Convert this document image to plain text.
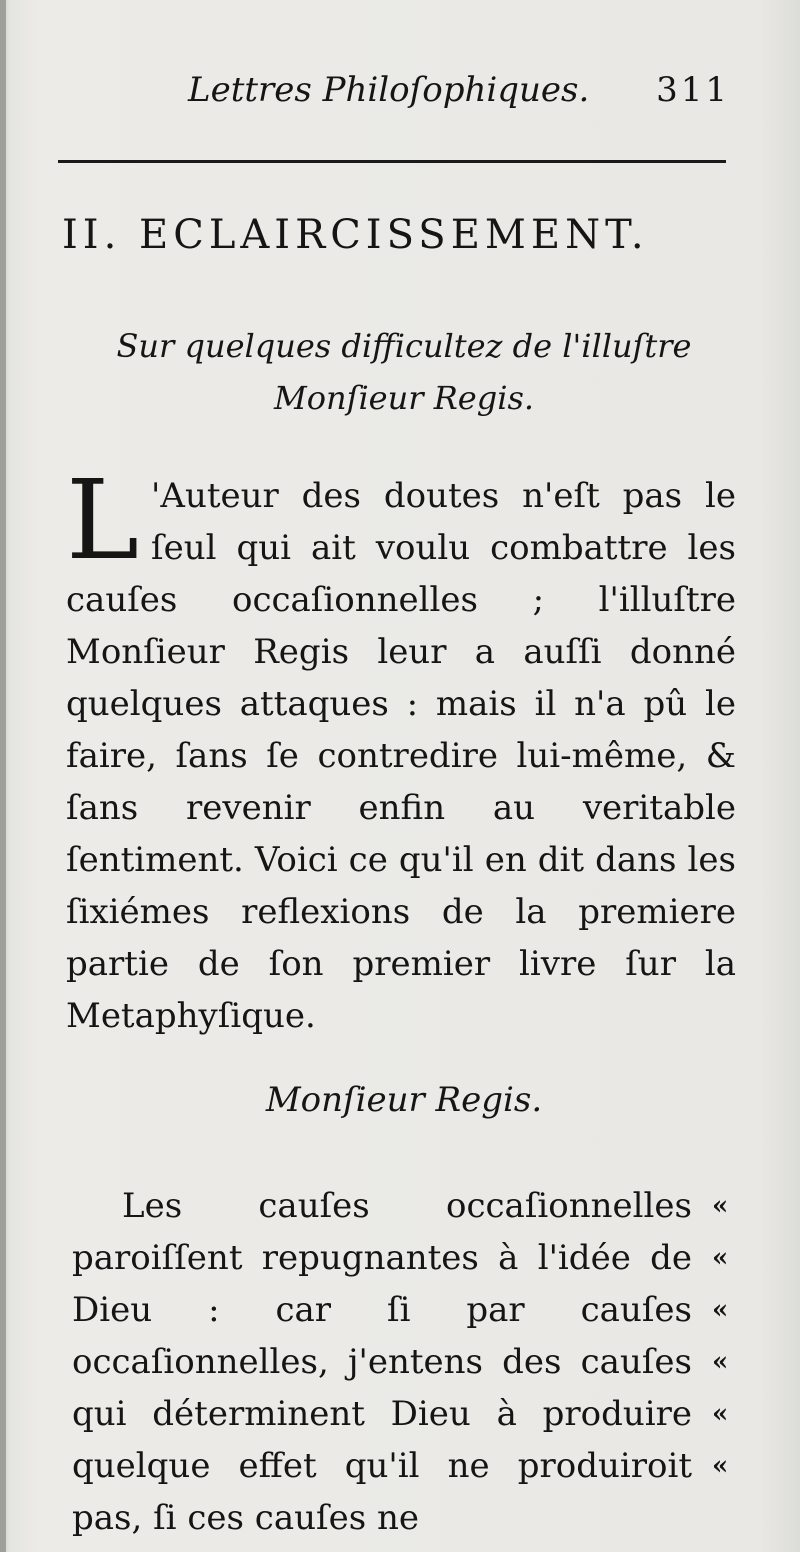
Lettres Philoſophiques. 311
II. ECLAIRCISSEMENT.
Sur quelques difficultez de l'illuſtre
Monſieur Regis.
L 'Auteur des doutes n'eſt pas le ſeul qui ait voulu combattre les cauſes occaſionnelles ; l'illuſtre Monſieur Regis leur a auſſi donné quelques attaques : mais il n'a pû le faire, ſans ſe contredire lui-même, & ſans revenir enfin au veritable ſentiment. Voici ce qu'il en dit dans les ſixiémes reflexions de la premiere partie de ſon premier livre ſur la Metaphyſique.
Monſieur Regis.
Les cauſes occaſionnelles paroiſſent repugnantes à l'idée de Dieu : car ſi par cauſes occaſionnelles, j'entens des cauſes qui déterminent Dieu à produire quelque effet qu'il ne produiroit pas, ſi ces cauſes ne
«
«
«
«
«
«
